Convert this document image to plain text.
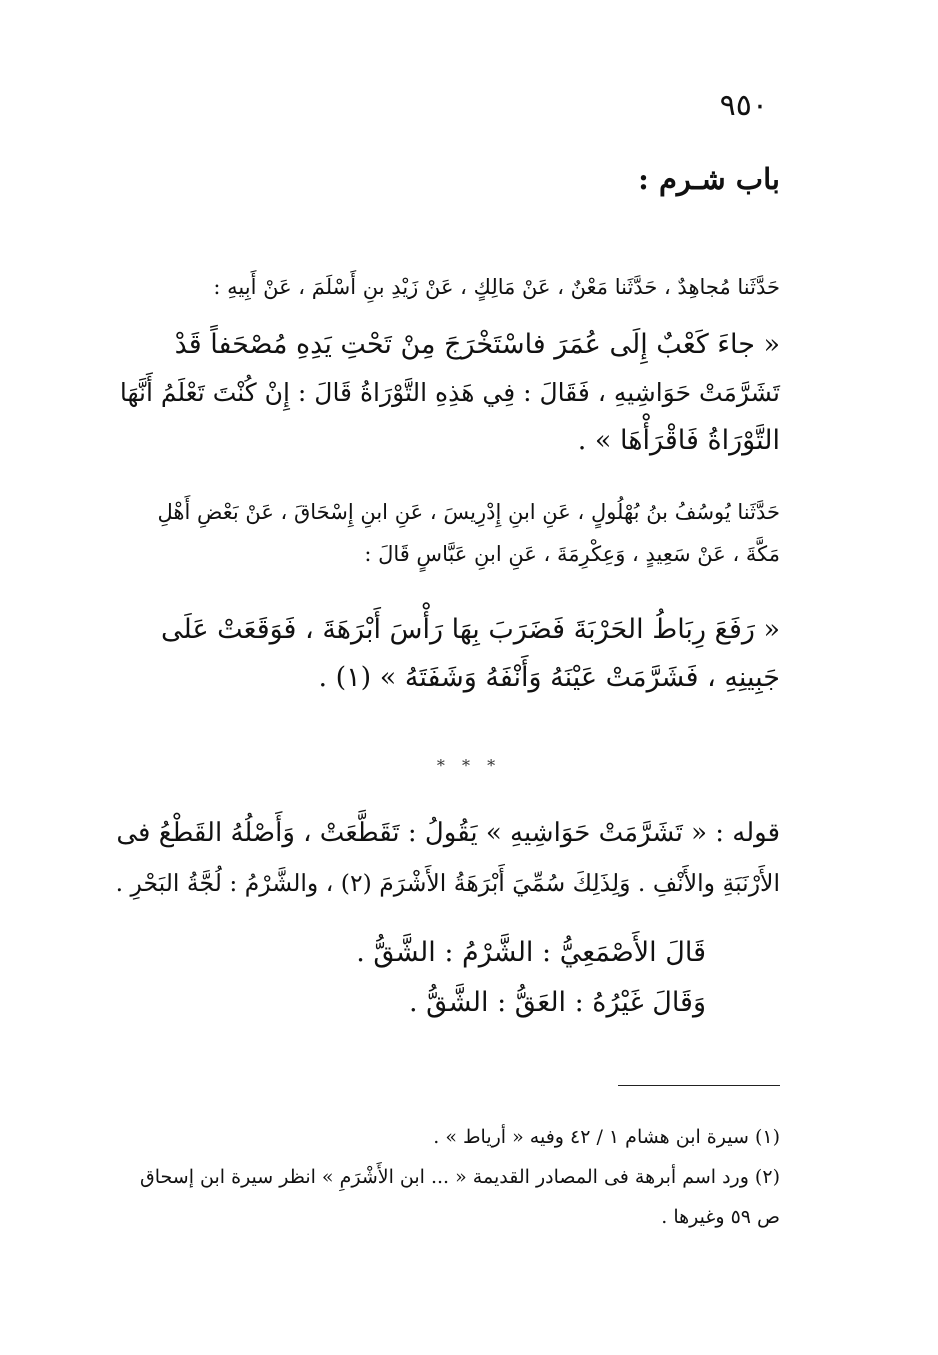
٩٥٠
باب شـرم :
حَدَّثَنا مُجاهِدٌ ، حَدَّثَنا مَعْنٌ ، عَنْ مَالِكٍ ، عَنْ زَيْدِ بنِ أَسْلَمَ ، عَنْ أَبِيهِ :
« جاءَ كَعْبٌ إِلَى عُمَرَ فاسْتَخْرَجَ مِنْ تَحْتِ يَدِهِ مُصْحَفاً قَدْ
تَشَرَّمَتْ حَوَاشِيهِ ، فَقَالَ : فِي هَذِهِ التَّوْرَاةُ قَالَ : إِنْ كُنْتَ تَعْلَمُ أَنَّهَا
التَّوْرَاةُ فَاقْرَأْهَا » .
حَدَّثَنا يُوسُفُ بنُ بُهْلُولٍ ، عَنِ ابنِ إِدْرِيسَ ، عَنِ ابنِ إِسْحَاقَ ، عَنْ بَعْضِ أَهْلِ
مَكَّةَ ، عَنْ سَعِيدٍ ، وَعِكْرِمَةَ ، عَنِ ابنِ عَبَّاسٍ قَالَ :
« رَفَعَ رِبَاطُ الحَرْبَةَ فَضَرَبَ بِهَا رَأْسَ أَبْرَهَةَ ، فَوَقَعَتْ عَلَى
جَبِينِهِ ، فَشَرَّمَتْ عَيْنَهُ وَأَنْفَهُ وَشَفَتَهُ » (١) .
* * *
قوله : « تَشَرَّمَتْ حَوَاشِيهِ » يَقُولُ : تَقَطَّعَتْ ، وَأَصْلُهُ القَطْعُ فى
الأَرْنَبَةِ والأَنْفِ . وَلِذَلِكَ سُمِّيَ أَبْرَهَةُ الأَشْرَمَ (٢) ، والشَّرْمُ : لُجَّةُ البَحْرِ .
قَالَ الأَصْمَعِيُّ : الشَّرْمُ : الشَّقُّ .
وَقَالَ غَيْرُهُ : العَقُّ : الشَّقُّ .
(١) سيرة ابن هشام ١ / ٤٢ وفيه « أرياط » .
(٢) ورد اسم أبرهة فى المصادر القديمة « ... ابن الأَشْرَمِ » انظر سيرة ابن إسحاق
ص ٥٩ وغيرها .
